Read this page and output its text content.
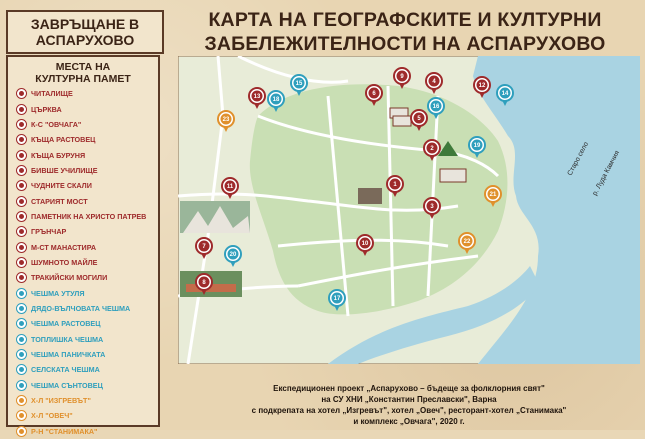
ЗАВРЪЩАНЕ В
АСПАРУХОВО
МЕСТА НА
КУЛТУРНА ПАМЕТ
ЧИТАЛИЩЕ
ЦЪРКВА
К-С "ОВЧАГА"
КЪЩА РАСТОВЕЦ
КЪЩА БУРУНЯ
БИВШЕ УЧИЛИЩЕ
ЧУДНИТЕ СКАЛИ
СТАРИЯТ МОСТ
ПАМЕТНИК НА ХРИСТО ПАТРЕВ
ГРЪНЧАР
М-СТ МАНАСТИРА
ШУМНОТО МАЙЛЕ
ТРАКИЙСКИ МОГИЛИ
ЧЕШМА УТУЛЯ
ДЯДО-ВЪЛЧОВАТА ЧЕШМА
ЧЕШМА РАСТОВЕЦ
ТОПЛИШКА ЧЕШМА
ЧЕШМА ПАНИЧКАТА
СЕЛСКАТА ЧЕШМА
ЧЕШМА СЪНТОВЕЦ
Х-Л "ИЗГРЕВЪТ"
Х-Л "ОВЕЧ"
Р-Н "СТАНИМАКА"
КАРТА НА ГЕОГРАФСКИТЕ И КУЛТУРНИ
ЗАБЕЛЕЖИТЕЛНОСТИ НА АСПАРУХОВО
Старо село р. Луда Камчия
1
2
3
4
5
6
7
8
9
10
11
12
13	14
15
16
17
18
19
20
21
22
23
Експедиционен проект „Аспарухово – бъдеще за фолклорния свят"
на СУ ХНИ „Константин Преславски", Варна
с подкрепата на хотел „Изгревът", хотел „Овеч", ресторант-хотел „Станимака"
и комплекс „Овчага", 2020 г.
